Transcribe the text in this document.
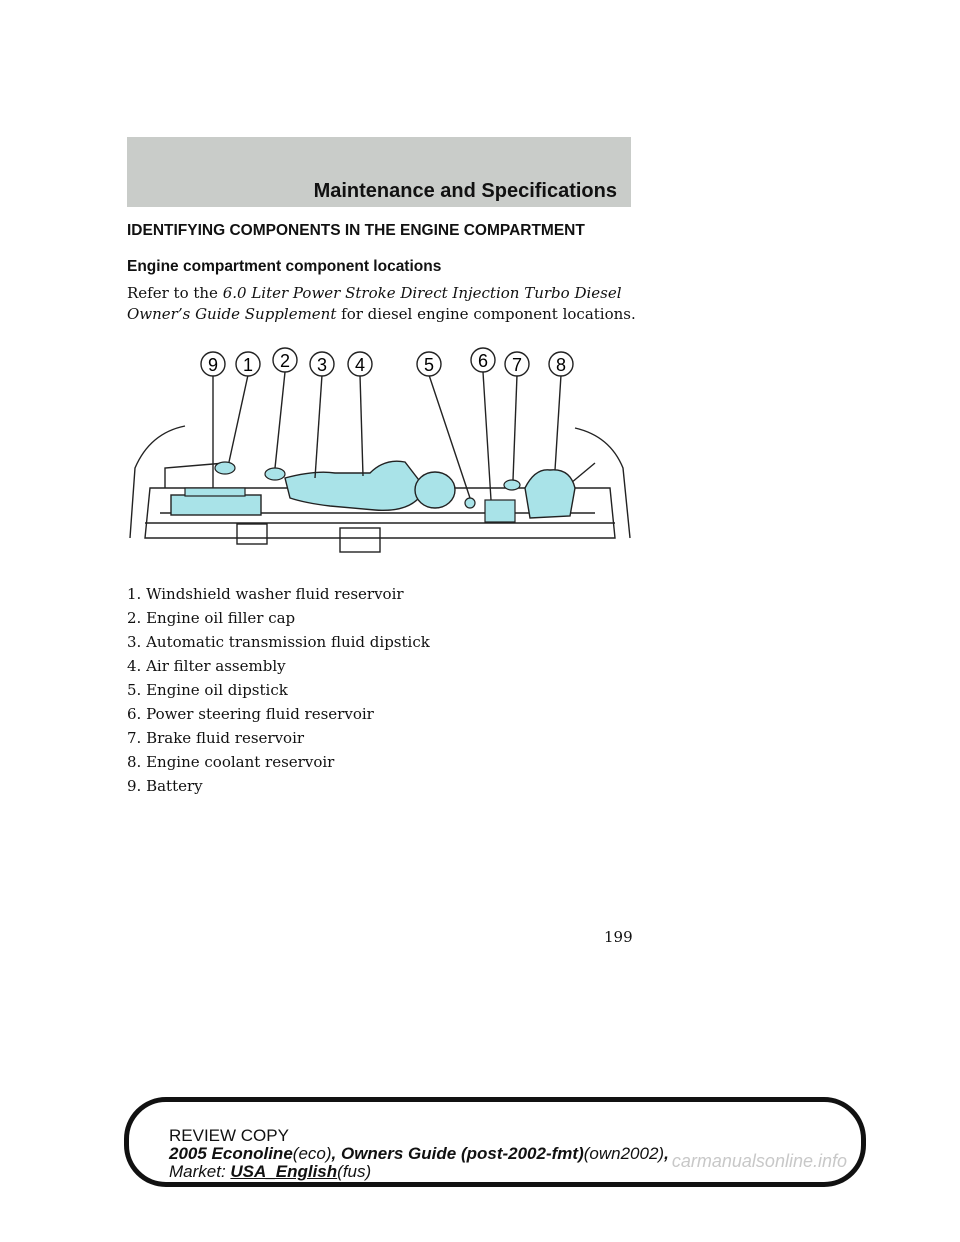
Maintenance and Specifications
IDENTIFYING COMPONENTS IN THE ENGINE COMPARTMENT
Engine compartment component locations
Refer to the 6.0 Liter Power Stroke Direct Injection Turbo Diesel Owner’s Guide Supplement for diesel engine component locations.
9 1 2 3 4	5 6 7 8
1. Windshield washer fluid reservoir
2. Engine oil filler cap
3. Automatic transmission fluid dipstick
4. Air filter assembly
5. Engine oil dipstick
6. Power steering fluid reservoir
7. Brake fluid reservoir
8. Engine coolant reservoir
9. Battery
199
REVIEW COPY
2005 Econoline(eco), Owners Guide (post-2002-fmt)(own2002),
Market: USA_English(fus)
carmanualsonline.info
